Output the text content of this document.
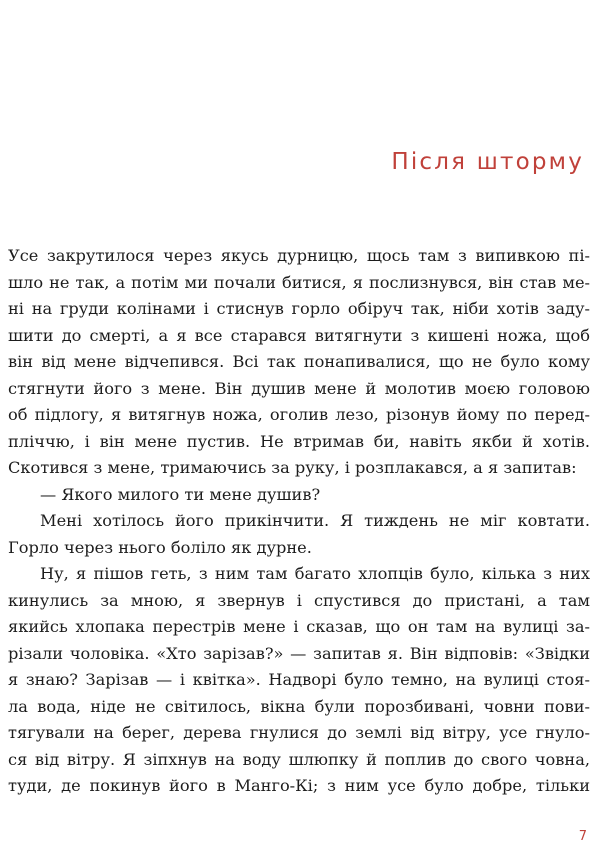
Після шторму
Усе закрутилося через якусь дурницю, щось там з випивкою пі-
шло не так, а потім ми почали битися, я послизнувся, він став ме-
ні на груди колінами і стиснув горло обіруч так, ніби хотів заду-
шити до смерті, а я все старався витягнути з кишені ножа, щоб
він від мене відчепився. Всі так понапивалися, що не було кому
стягнути його з мене. Він душив мене й молотив моєю головою
об підлогу, я витягнув ножа, оголив лезо, різонув йому по перед-
пліччю, і він мене пустив. Не втримав би, навіть якби й хотів.
Скотився з мене, тримаючись за руку, і розплакався, а я запитав:
— Якого милого ти мене душив?
Мені хотілось його прикінчити. Я тиждень не міг ковтати.
Горло через нього боліло як дурне.
Ну, я пішов геть, з ним там багато хлопців було, кілька з них
кинулись за мною, я звернув і спустився до пристані, а там
якийсь хлопака перестрів мене і сказав, що он там на вулиці за-
різали чоловіка. «Хто зарізав?» — запитав я. Він відповів: «Звідки
я знаю? Зарізав — і квітка». Надворі було темно, на вулиці стоя-
ла вода, ніде не світилось, вікна були порозбивані, човни пови-
тягували на берег, дерева гнулися до землі від вітру, усе гнуло-
ся від вітру. Я зіпхнув на воду шлюпку й поплив до свого човна,
туди, де покинув його в Манго-Кі; з ним усе було добре, тільки
7
